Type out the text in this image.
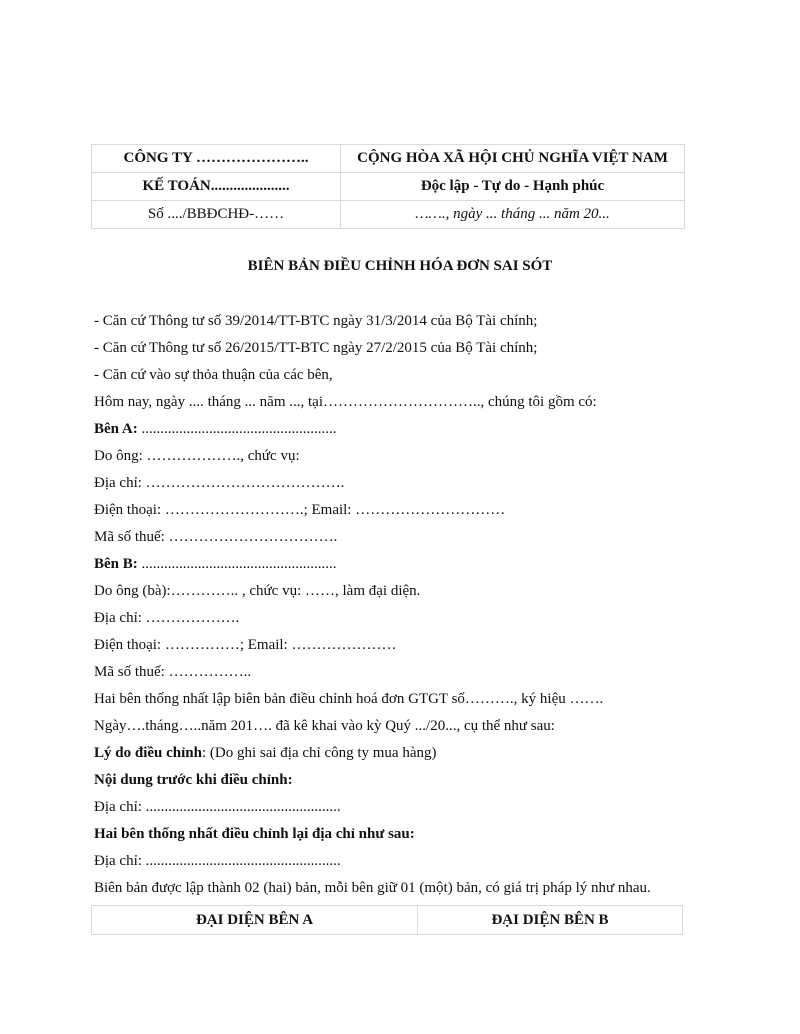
CÔNG TY …………………..	CỘNG HÒA XÃ HỘI CHỦ NGHĨA VIỆT NAM
KẾ TOÁN.....................	Độc lập - Tự do - Hạnh phúc
Số ..../BBĐCHĐ-……	……., ngày ... tháng ... năm 20...
BIÊN BẢN ĐIỀU CHỈNH HÓA ĐƠN SAI SÓT
- Căn cứ Thông tư số 39/2014/TT-BTC ngày 31/3/2014 của Bộ Tài chính;
- Căn cứ Thông tư số 26/2015/TT-BTC ngày 27/2/2015 của Bộ Tài chính;
- Căn cứ vào sự thỏa thuận của các bên,
Hôm nay, ngày .... tháng ... năm ..., tại………………………….., chúng tôi gồm có:
Bên A: ....................................................
Do ông: ………………., chức vụ:
Địa chỉ: ………………………………….
Điện thoại: ……………………….; Email: …………………………
Mã số thuế: …………………………….
Bên B: ....................................................
Do ông (bà):………….. , chức vụ: ……, làm đại diện.
Địa chỉ: ……………….
Điện thoại: ……………; Email: …………………
Mã số thuế: ……………..
Hai bên thống nhất lập biên bản điều chỉnh hoá đơn GTGT số………., ký hiệu …….
Ngày….tháng…..năm 201…. đã kê khai vào kỳ Quý .../20..., cụ thể như sau:
Lý do điều chỉnh: (Do ghi sai địa chỉ công ty mua hàng)
Nội dung trước khi điều chỉnh:
Địa chỉ: ....................................................
Hai bên thống nhất điều chỉnh lại địa chỉ như sau:
Địa chỉ: ....................................................
Biên bản được lập thành 02 (hai) bản, mỗi bên giữ 01 (một) bản, có giá trị pháp lý như nhau.
ĐẠI DIỆN BÊN A	ĐẠI DIỆN BÊN B
